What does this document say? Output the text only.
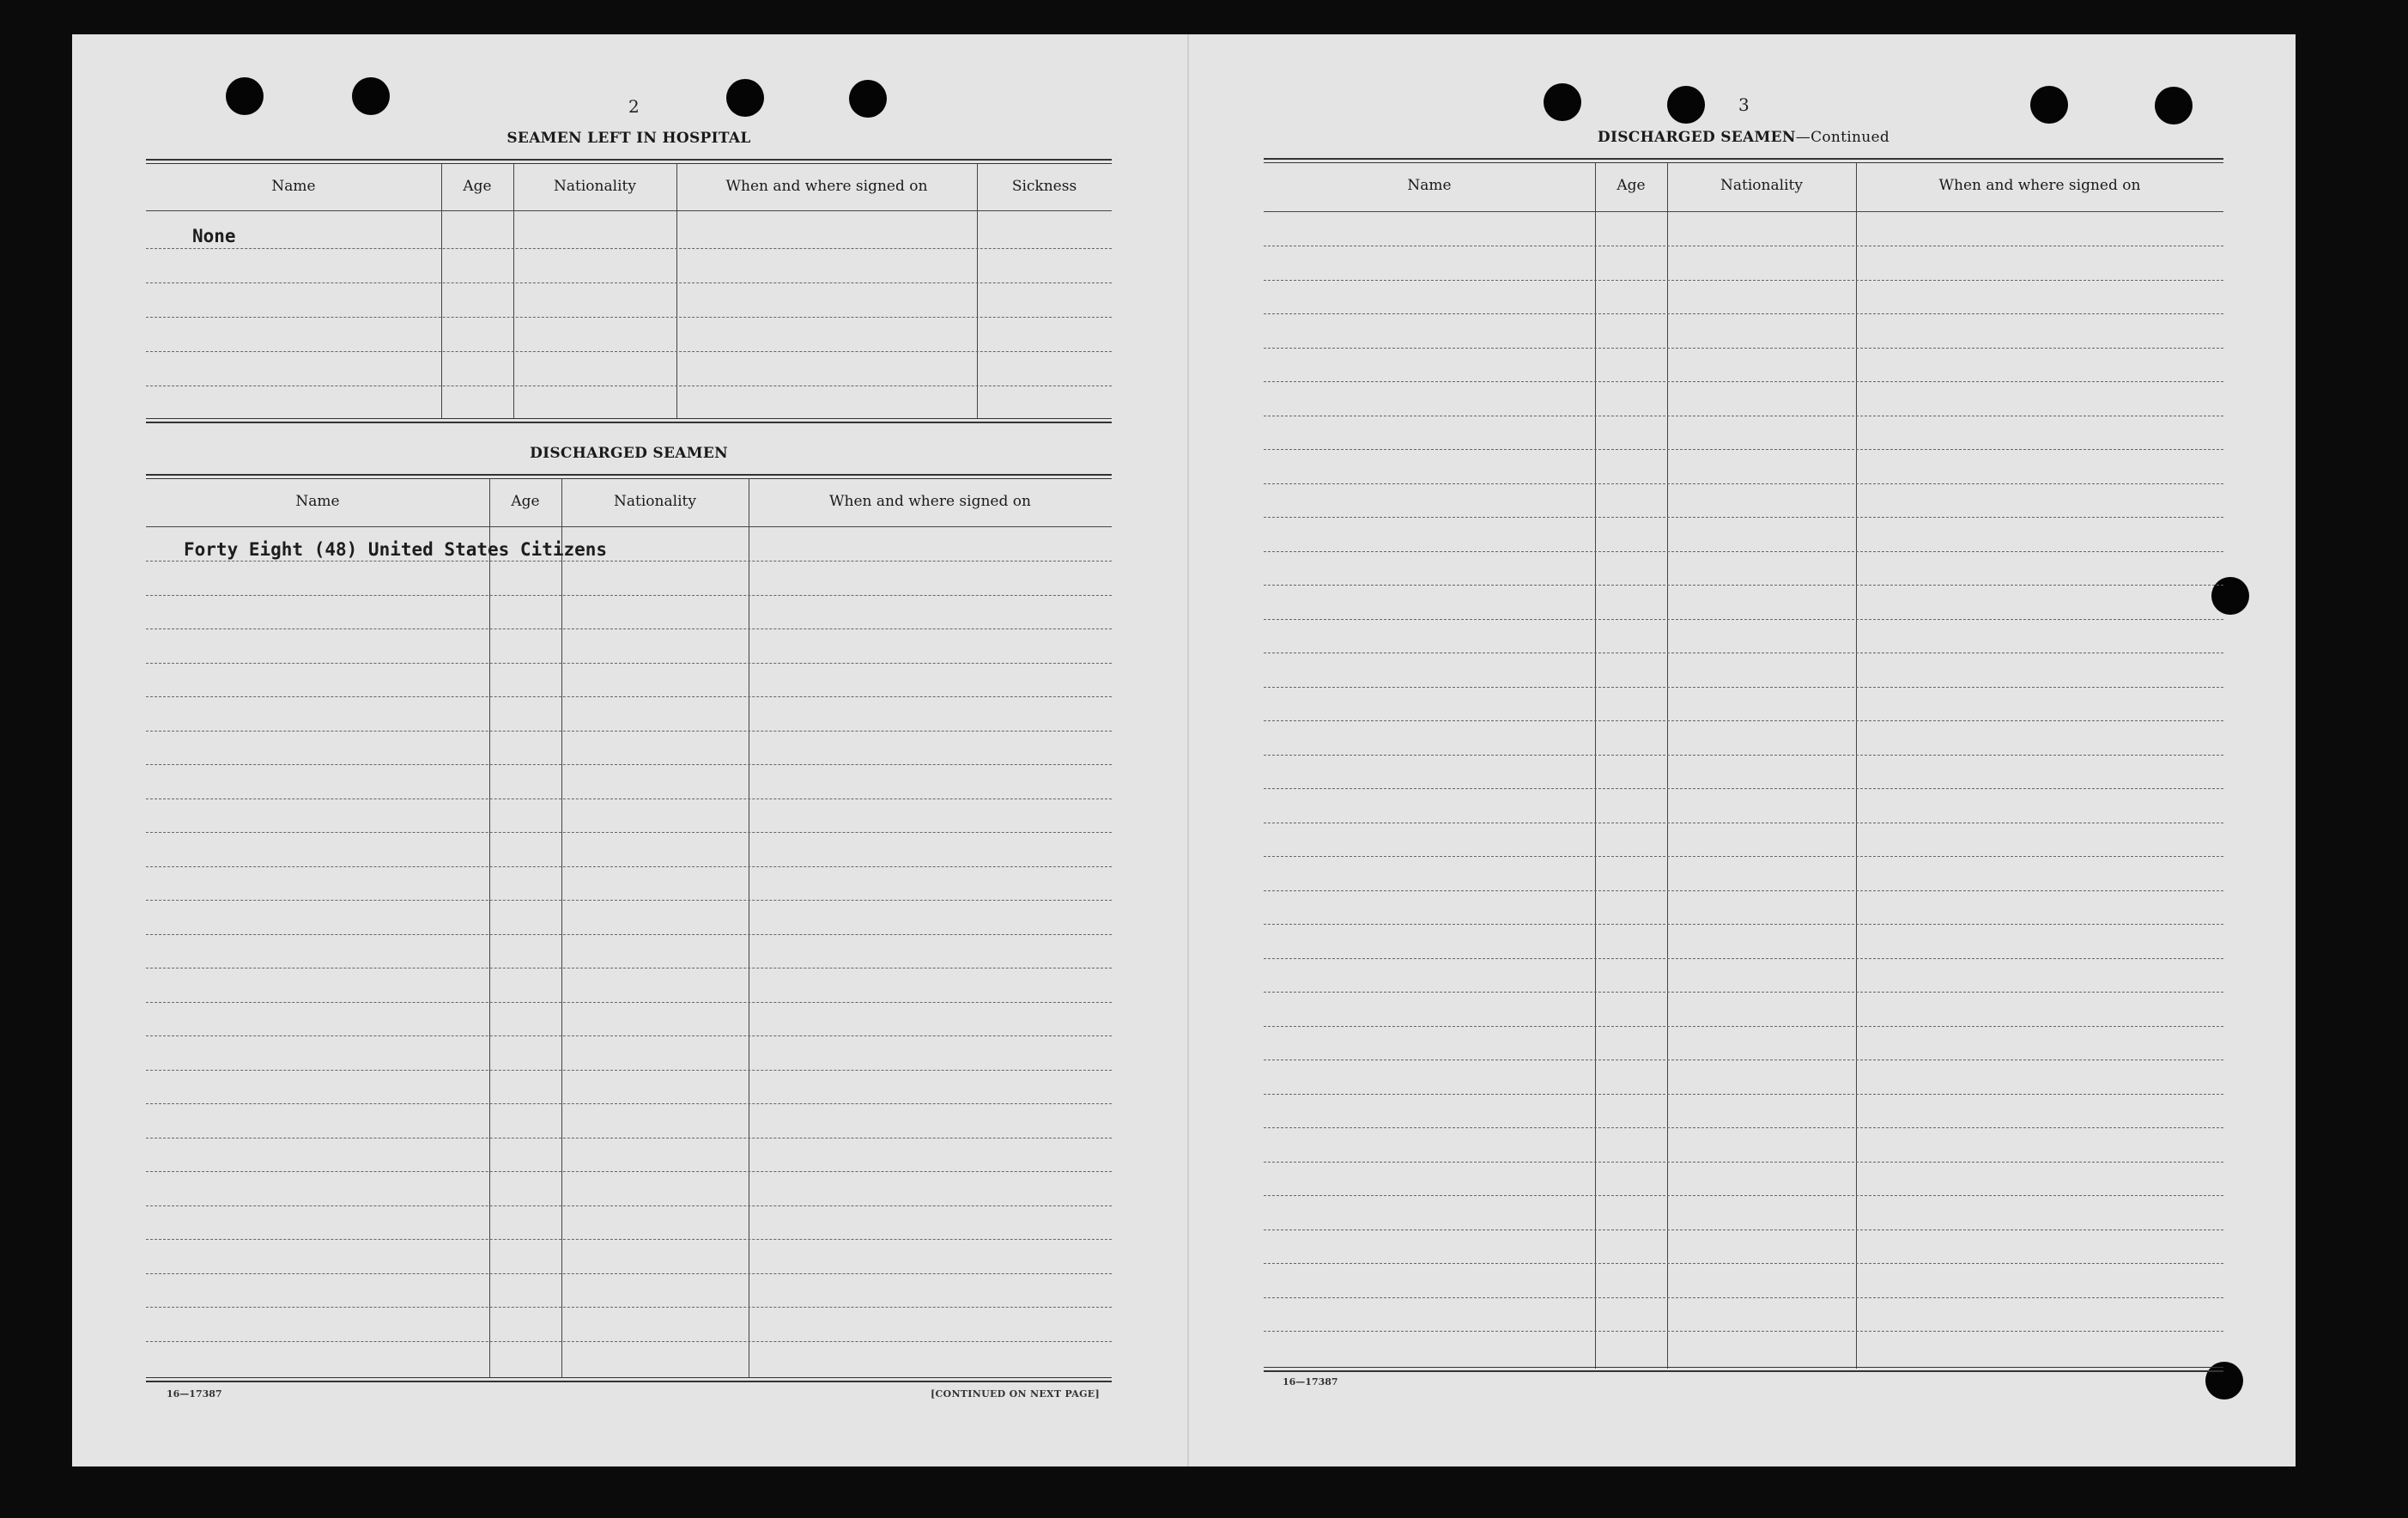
2
SEAMEN LEFT IN HOSPITAL
Name	Age	Nationality	When and where signed on	Sickness
None
DISCHARGED SEAMEN
Name	Age	Nationality	When and where signed on
Forty Eight (48) United States Citizens
16—17387	[CONTINUED ON NEXT PAGE]
3
DISCHARGED SEAMEN—Continued
Name	Age	Nationality	When and where signed on
16—17387
